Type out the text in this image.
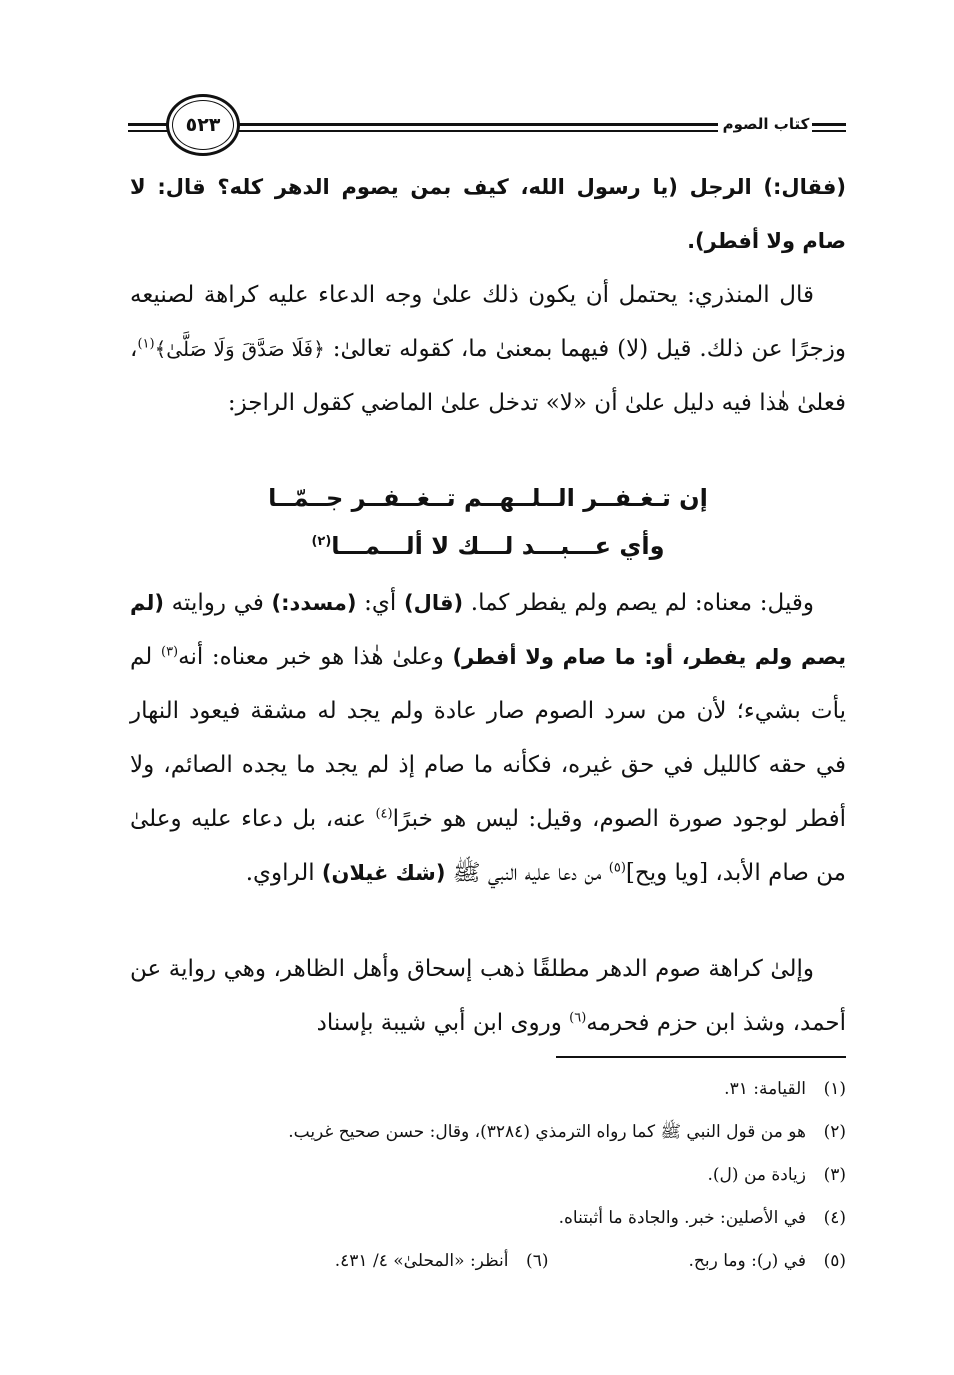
كتاب الصوم
٥٢٣

(فقال:) الرجل (يا رسول الله، كيف بمن يصوم الدهر كله؟ قال: لا صام ولا أفطر).

قال المنذري: يحتمل أن يكون ذلك علىٰ وجه الدعاء عليه كراهة لصنيعه وزجرًا عن ذلك. قيل (لا) فيهما بمعنىٰ ما، كقوله تعالىٰ: ﴿فَلَا صَدَّقَ وَلَا صَلَّىٰ﴾$^{(١)}$، فعلىٰ هٰذا فيه دليل علىٰ أن «لا» تدخل علىٰ الماضي كقول الراجز:

إن تـغـفــر الــلــهــم تــغــفــر جــمّــا
وأي عـــبـــد لـــك لا ألـــمـــا$^{(٢)}$

وقيل: معناه: لم يصم ولم يفطر كما. (قال) أي: (مسدد:) في روايته (لم يصم ولم يفطر، أو: ما صام ولا أفطر) وعلىٰ هٰذا هو خبر معناه: أنه$^{(٣)}$ لم يأت بشيء؛ لأن من سرد الصوم صار عادة ولم يجد له مشقة فيعود النهار في حقه كالليل في حق غيره، فكأنه ما صام إذ لم يجد ما يجده الصائم، ولا أفطر لوجود صورة الصوم، وقيل: ليس هو خبرًا$^{(٤)}$ عنه، بل دعاء عليه وعلىٰ من صام الأبد، [ويا ويح]$^{(٥)}$ من دعا عليه النبي ﷺ (شك غيلان) الراوي.

وإلىٰ كراهة صوم الدهر مطلقًا ذهب إسحاق وأهل الظاهر، وهي رواية عن أحمد، وشذ ابن حزم فحرمه$^{(٦)}$ وروى ابن أبي شيبة بإسناد

(١)
القيامة: ٣١.
(٢)
هو من قول النبي ﷺ كما رواه الترمذي (٣٢٨٤)، وقال: حسن صحيح غريب.
(٣)
زيادة من (ل).
(٤)
في الأصلين: خبر. والجادة ما أثبتناه.
(٥)
في (ر): وما ربح.
(٦)
أنظر: «المحلىٰ» ٤/ ٤٣١.
